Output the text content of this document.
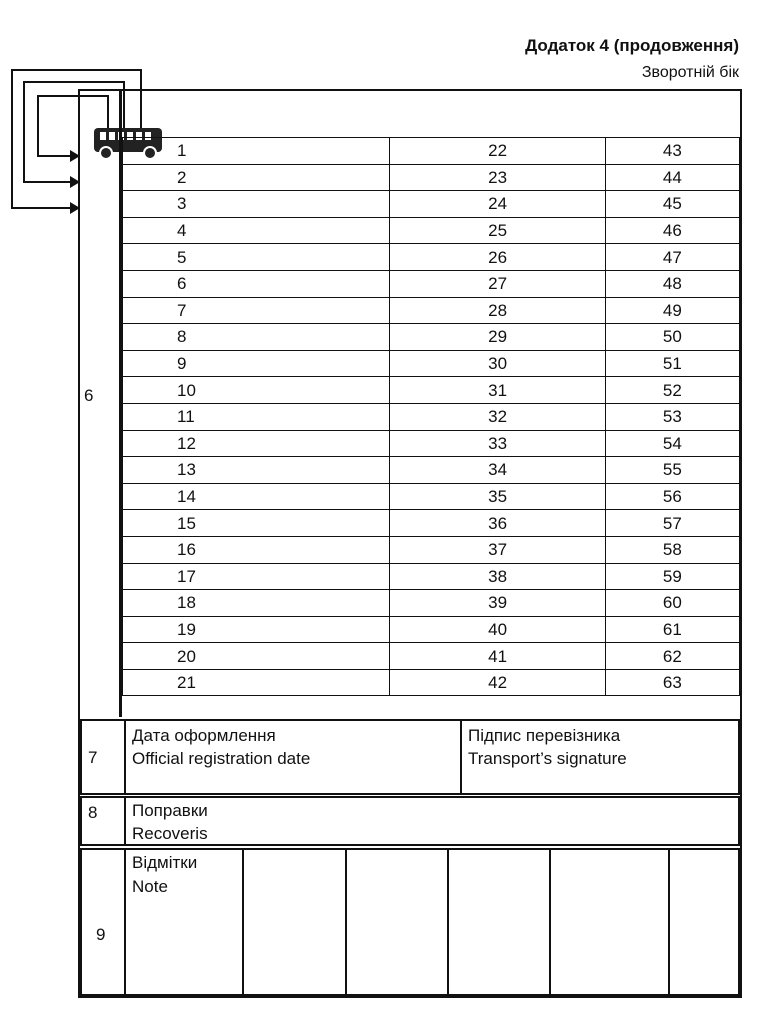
Додаток 4 (продовження)
Зворотній бік
6
1	22	43
2	23	44
3	24	45
4	25	46
5	26	47
6	27	48
7	28	49
8	29	50
9	30	51
10	31	52
11	32	53
12	33	54
13	34	55
14	35	56
15	36	57
16	37	58
17	38	59
18	39	60
19	40	61
20	41	62
21	42	63
7
Дата оформлення
Official registration date
Підпис перевізника
Transport’s signature
8 Поправки
Recoveris
9
Відмітки
Note
